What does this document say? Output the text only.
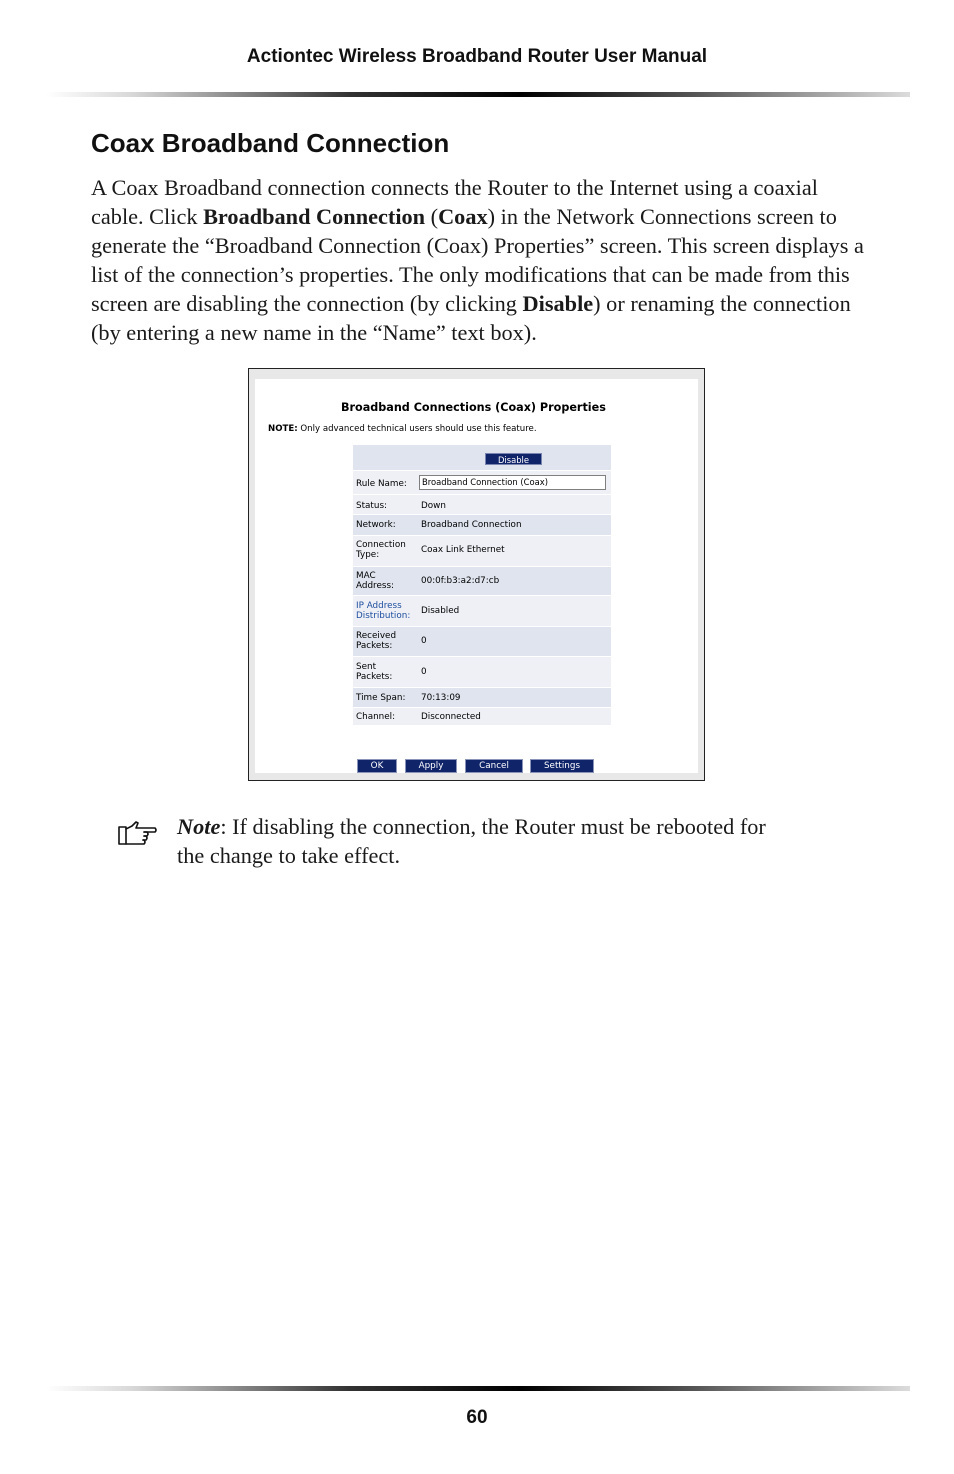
Actiontec Wireless Broadband Router User Manual
Coax Broadband Connection
A Coax Broadband connection connects the Router to the Internet using a coaxial cable. Click Broadband Connection (Coax) in the Network Connections screen to generate the “Broadband Connection (Coax) Properties” screen. This screen displays a list of the connection’s properties. The only modifications that can be made from this screen are disabling the connection (by clicking Disable) or renaming the connection (by entering a new name in the “Name” text box).
Broadband Connections (Coax) Properties
NOTE: Only advanced technical users should use this feature.
Disable
Rule Name:	Broadband Connection (Coax)
Status:	Down
Network:	Broadband Connection
Connection
Type:	Coax Link Ethernet
MAC
Address:	00:0f:b3:a2:d7:cb
IP Address
Distribution: Disabled
Received
Packets:	0
Sent
Packets:	0
Time Span: 70:13:09
Channel:	Disconnected
OK	Apply	Cancel	Settings
Note: If disabling the connection, the Router must be rebooted for the change to take effect.
60
